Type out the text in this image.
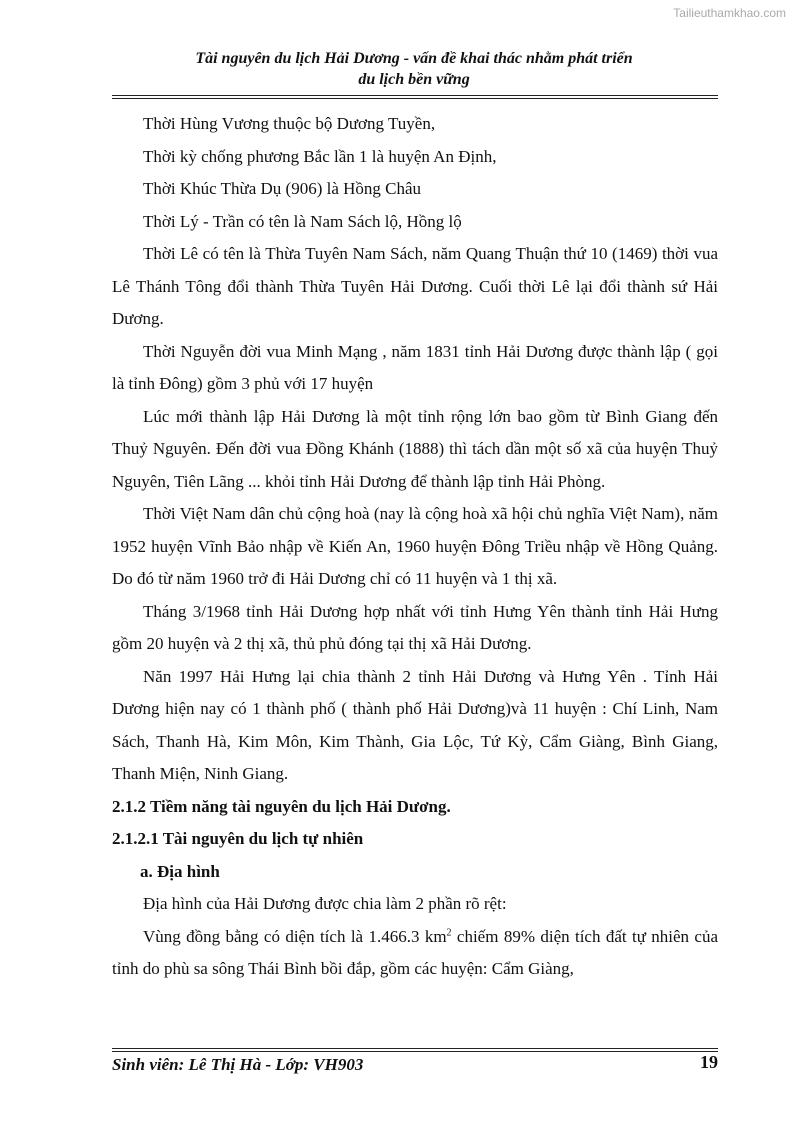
Tailieuthamkhao.com
Tài nguyên du lịch Hải Dương - vấn đề khai thác nhằm phát triển
du lịch bền vững

Thời Hùng Vương thuộc bộ Dương Tuyền,

Thời kỳ chống phương Bắc lần 1 là huyện An Định,

Thời Khúc Thừa Dụ (906) là Hồng Châu

Thời Lý - Trần có tên là Nam Sách lộ, Hồng lộ

Thời Lê có tên là Thừa Tuyên Nam Sách, năm Quang Thuận thứ 10 (1469) thời vua Lê Thánh Tông đổi thành Thừa Tuyên Hải Dương. Cuối thời Lê lại đổi thành sứ Hải Dương.

Thời Nguyễn đời vua Minh Mạng , năm 1831 tỉnh Hải Dương được thành lập ( gọi là tỉnh Đông) gồm 3 phủ với 17 huyện

Lúc mới thành lập Hải Dương là một tỉnh rộng lớn bao gồm từ Bình Giang đến Thuỷ Nguyên. Đến đời vua Đồng Khánh (1888) thì tách dần một số xã của huyện Thuỷ Nguyên, Tiên Lãng ... khỏi tỉnh Hải Dương để thành lập tỉnh Hải Phòng.

Thời Việt Nam dân chủ cộng hoà (nay là cộng hoà xã hội chủ nghĩa Việt Nam), năm 1952 huyện Vĩnh Bảo nhập về Kiến An, 1960 huyện Đông Triều nhập về Hồng Quảng. Do đó từ năm 1960 trở đi Hải Dương chỉ có 11 huyện và 1 thị xã.

Tháng 3/1968 tỉnh Hải Dương hợp nhất với tỉnh Hưng Yên thành tỉnh Hải Hưng gồm 20 huyện và 2 thị xã, thủ phủ đóng tại thị xã Hải Dương.

Năn 1997 Hải Hưng lại chia thành 2 tỉnh Hải Dương và Hưng Yên . Tỉnh Hải Dương hiện nay có 1 thành phố ( thành phố Hải Dương)và 11 huyện : Chí Linh, Nam Sách, Thanh Hà, Kim Môn, Kim Thành, Gia Lộc, Tứ Kỳ, Cẩm Giàng, Bình Giang, Thanh Miện, Ninh Giang.

2.1.2 Tiềm năng tài nguyên du lịch Hải Dương.

2.1.2.1 Tài nguyên du lịch tự nhiên

a. Địa hình

Địa hình của Hải Dương được chia làm 2 phần rõ rệt:

Vùng đồng bằng có diện tích là 1.466.3 $km^2$ chiếm 89% diện tích đất tự nhiên của tỉnh do phù sa sông Thái Bình bồi đắp, gồm các huyện: Cẩm Giàng,

Sinh viên: Lê Thị Hà - Lớp: VH903	19
